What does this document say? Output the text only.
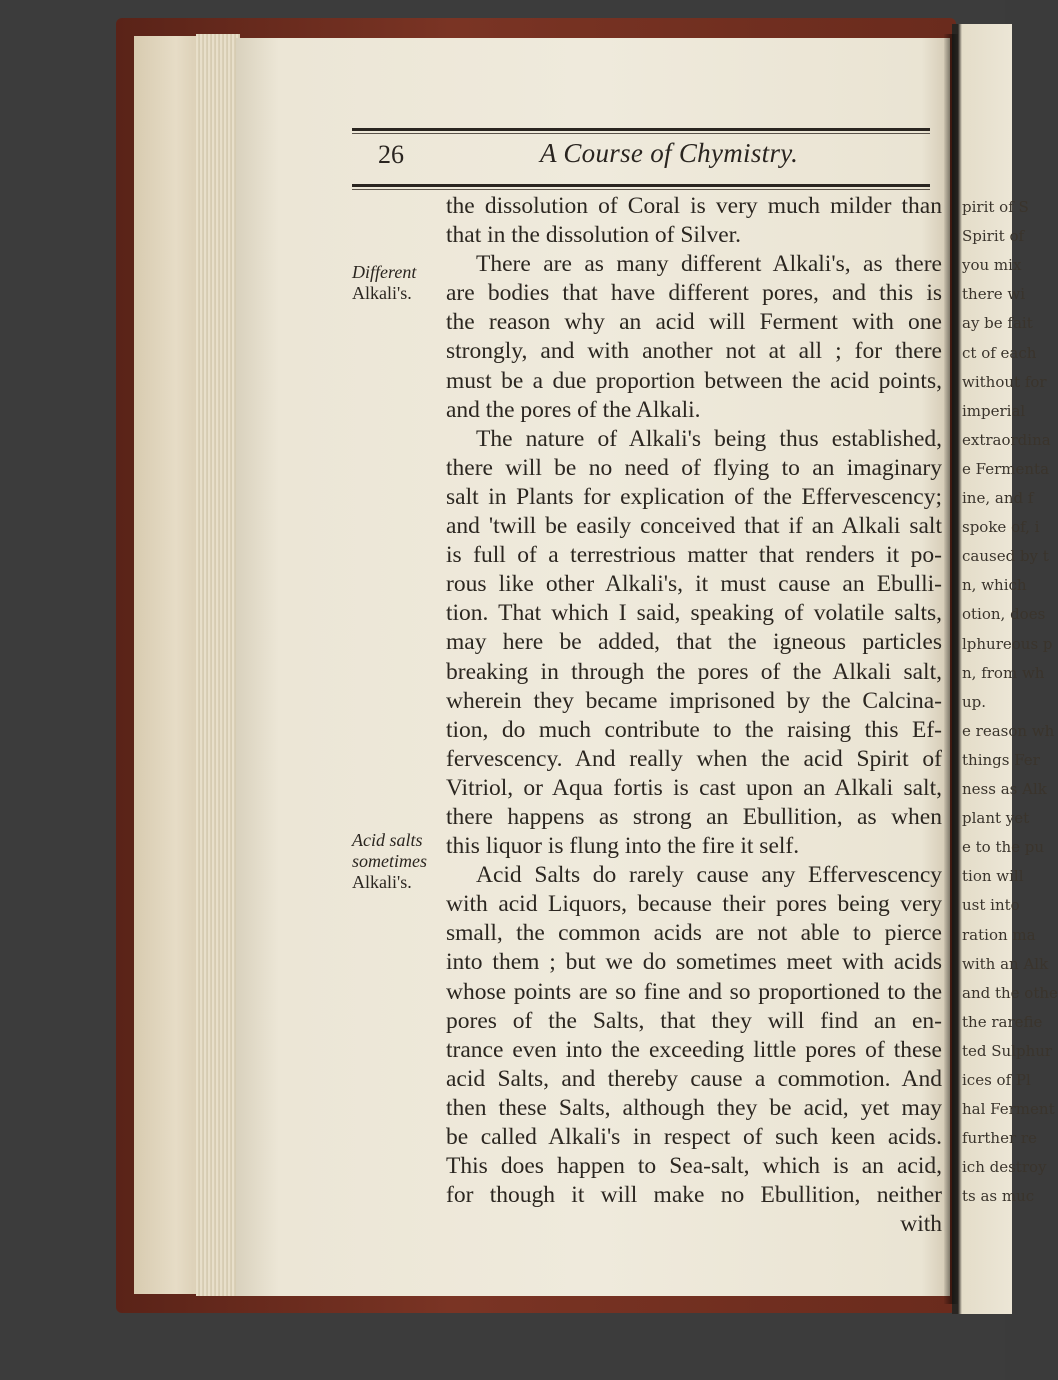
pirit of S
Spirit of
you mix
there wi
ay be fait
ct of each
without for
imperial
extraordina
e Fermenta
ine, and f
spoke of, i
caused by t
n, which
otion, does
lphureous p
n, from wh
up.
e reason wh
things Fer
ness as Alk
plant yet
e to the pu
tion will
ust into
ration ma
with an Alk
and the othe
the rarefie
ted Sulphur
ices of Pl
hal Ferment
further re
ich destroy
ts as muc
26	A Course of Chymistry.
Different
Alkali's.
Acid salts
sometimes
Alkali's.
the dissolution of Coral is very much milder than
that in the dissolution of Silver.
There are as many different Alkali's, as there
are bodies that have different pores, and this is
the reason why an acid will Ferment with one
strongly, and with another not at all ; for there
must be a due proportion between the acid points,
and the pores of the Alkali.
The nature of Alkali's being thus established,
there will be no need of flying to an imaginary
salt in Plants for explication of the Effervescency;
and 'twill be easily conceived that if an Alkali salt
is full of a terrestrious matter that renders it po-
rous like other Alkali's, it must cause an Ebulli-
tion. That which I said, speaking of volatile salts,
may here be added, that the igneous particles
breaking in through the pores of the Alkali salt,
wherein they became imprisoned by the Calcina-
tion, do much contribute to the raising this Ef-
fervescency. And really when the acid Spirit of
Vitriol, or Aqua fortis is cast upon an Alkali salt,
there happens as strong an Ebullition, as when
this liquor is flung into the fire it self.
Acid Salts do rarely cause any Effervescency
with acid Liquors, because their pores being very
small, the common acids are not able to pierce
into them ; but we do sometimes meet with acids
whose points are so fine and so proportioned to the
pores of the Salts, that they will find an en-
trance even into the exceeding little pores of these
acid Salts, and thereby cause a commotion. And
then these Salts, although they be acid, yet may
be called Alkali's in respect of such keen acids.
This does happen to Sea-salt, which is an acid,
for though it will make no Ebullition, neither
with
